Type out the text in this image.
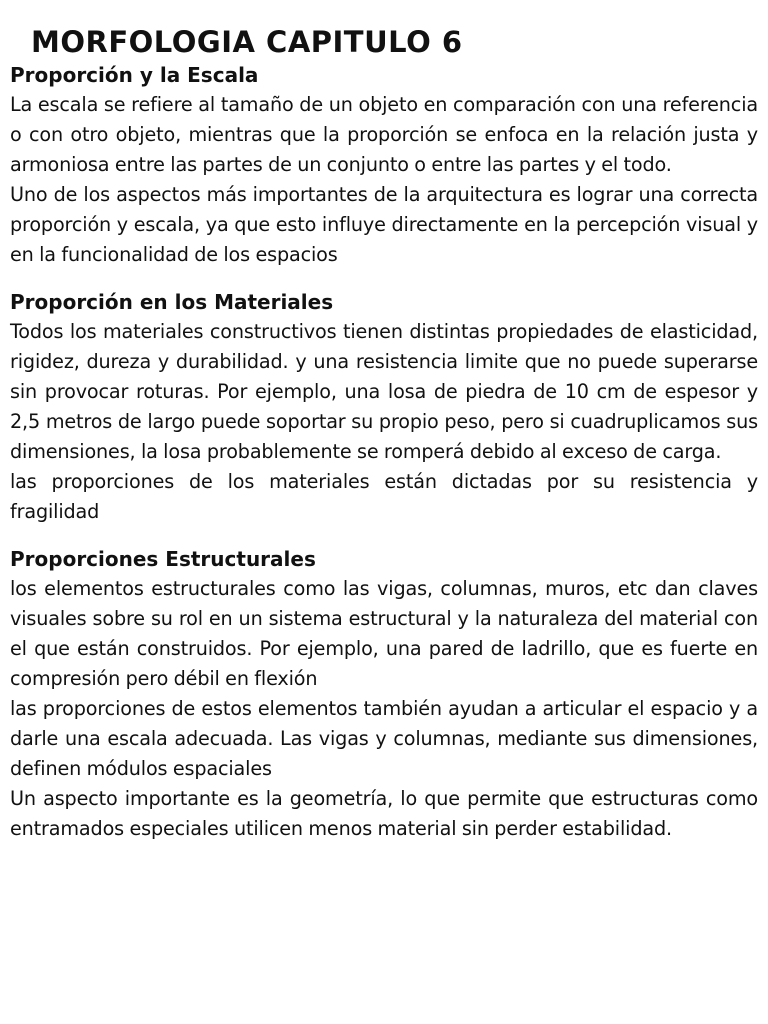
MORFOLOGIA CAPITULO 6
Proporción y la Escala

La escala se refiere al tamaño de un objeto en comparación con una referencia o con otro objeto, mientras que la proporción se enfoca en la relación justa y armoniosa entre las partes de un conjunto o entre las partes y el todo.

Uno de los aspectos más importantes de la arquitectura es lograr una correcta proporción y escala, ya que esto influye directamente en la percepción visual y en la funcionalidad de los espacios

Proporción en los Materiales

Todos los materiales constructivos tienen distintas propiedades de elasticidad, rigidez, dureza y durabilidad. y una resistencia limite que no puede superarse sin provocar roturas. Por ejemplo, una losa de piedra de 10 cm de espesor y 2,5 metros de largo puede soportar su propio peso, pero si cuadruplicamos sus dimensiones, la losa probablemente se romperá debido al exceso de carga.

las proporciones de los materiales están dictadas por su resistencia y fragilidad

Proporciones Estructurales

los elementos estructurales como las vigas, columnas, muros, etc dan claves visuales sobre su rol en un sistema estructural y la naturaleza del material con el que están construidos. Por ejemplo, una pared de ladrillo, que es fuerte en compresión pero débil en flexión

las proporciones de estos elementos también ayudan a articular el espacio y a darle una escala adecuada. Las vigas y columnas, mediante sus dimensiones, definen módulos espaciales

Un aspecto importante es la geometría, lo que permite que estructuras como entramados especiales utilicen menos material sin perder estabilidad.
